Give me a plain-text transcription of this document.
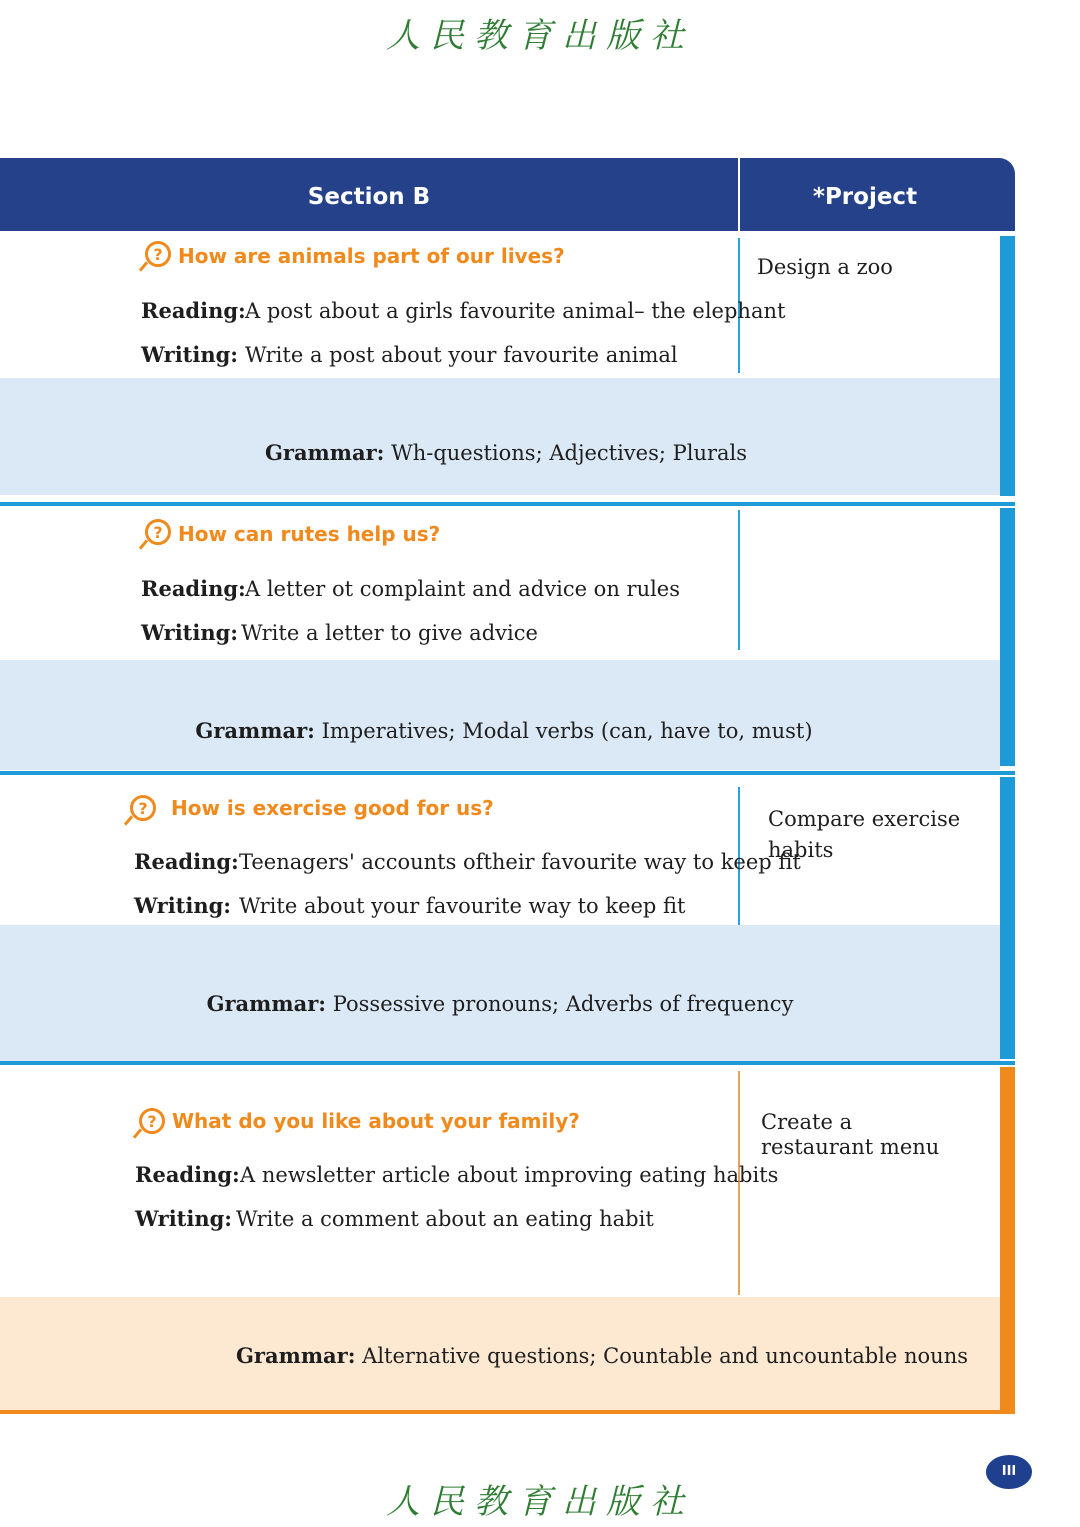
人民教育出版社
Section B	*Project
? How are animals part of our lives?
Reading:A post about a girls favourite animal– the elephant
Writing: Write a post about your favourite animal
Design a zoo
Grammar: Wh-questions; Adjectives; Plurals
? How can rutes help us?
Reading:A letter ot complaint and advice on rules
Writing: Write a letter to give advice
Grammar: Imperatives; Modal verbs (can, have to, must)
?	How is exercise good for us?
Reading:Teenagers' accounts oftheir favourite way to keep fit
Writing: Write about your favourite way to keep fit
Compare exercise habits
Grammar: Possessive pronouns; Adverbs of frequency
? What do you like about your family?
Reading:A newsletter article about improving eating habits
Writing: Write a comment about an eating habit
Create a restaurant menu
Grammar: Alternative questions; Countable and uncountable nouns
人民教育出版社
III
